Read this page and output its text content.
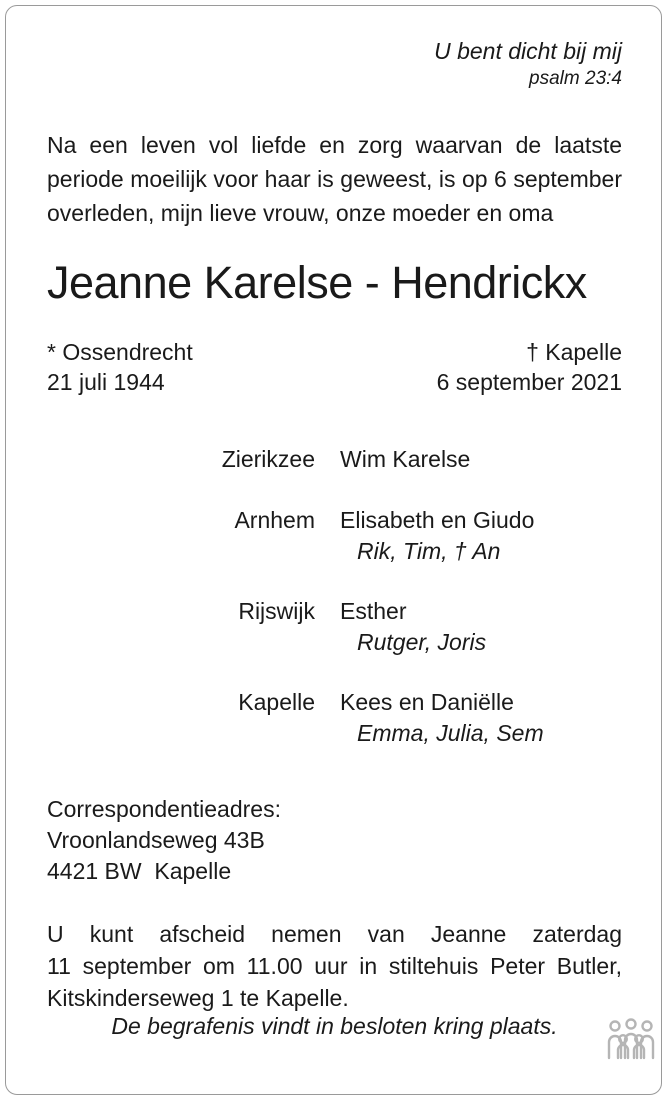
U bent dicht bij mij
psalm 23:4
Na een leven vol liefde en zorg waarvan de laatste
periode moeilijk voor haar is geweest, is op 6 september
overleden, mijn lieve vrouw, onze moeder en oma
Jeanne Karelse - Hendrickx
* Ossendrecht
21 juli 1944
† Kapelle
6 september 2021
Zierikzee Wim Karelse
Arnhem Elisabeth en Giudo
Rik, Tim, † An
Rijswijk Esther
Rutger, Joris
Kapelle Kees en Daniëlle
Emma, Julia, Sem
Correspondentieadres:
Vroonlandseweg 43B
4421 BW  Kapelle
U kunt afscheid nemen van Jeanne zaterdag
11 september om 11.00 uur in stiltehuis Peter Butler,
Kitskinderseweg 1 te Kapelle.
De begrafenis vindt in besloten kring plaats.
